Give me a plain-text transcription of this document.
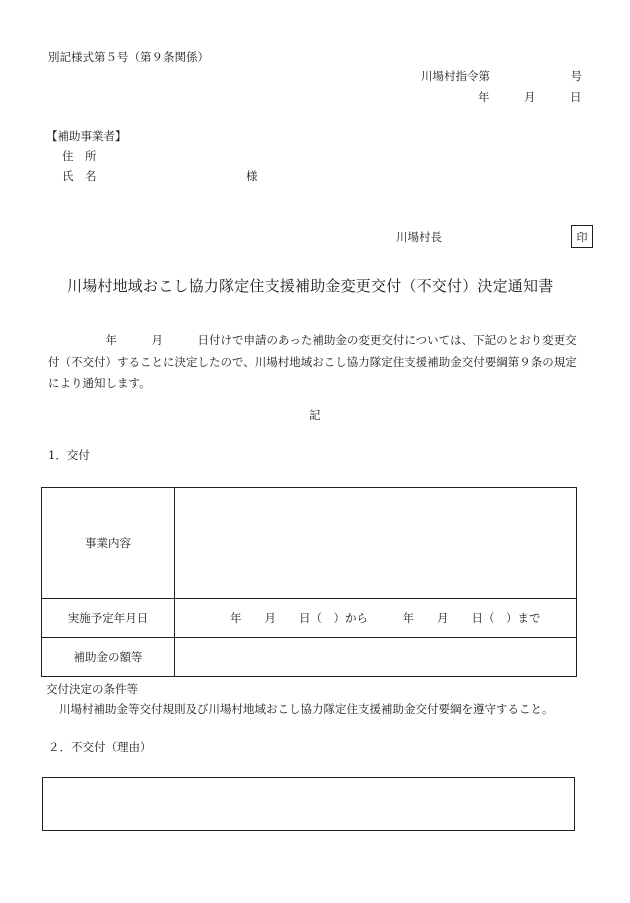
別記様式第５号（第９条関係）
川場村指令第　　　　　　　号
年　　　月　　　日
【補助事業者】
住　所
氏　名	様
川場村長	印
川場村地域おこし協力隊定住支援補助金変更交付（不交付）決定通知書
　　　　　年　　　月　　　日付けで申請のあった補助金の変更交付については、下記のとおり変更交
付（不交付）することに決定したので、川場村地域おこし協力隊定住支援補助金交付要綱第９条の規定
により通知します。
記
1．交付
事業内容
実施予定年月日	年　　月　　日（　）から　　　年　　月　　日（　）まで
補助金の額等
交付決定の条件等
川場村補助金等交付規則及び川場村地域おこし協力隊定住支援補助金交付要綱を遵守すること。
２．不交付（理由）
